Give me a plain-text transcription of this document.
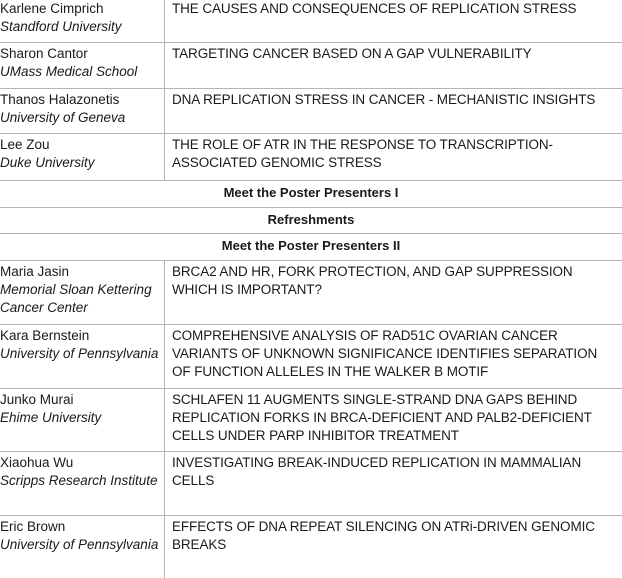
Karlene Cimprich
Standford University
THE CAUSES AND CONSEQUENCES OF REPLICATION STRESS
Sharon Cantor
UMass Medical School
TARGETING CANCER BASED ON A GAP VULNERABILITY
Thanos Halazonetis
University of Geneva
DNA REPLICATION STRESS IN CANCER - MECHANISTIC INSIGHTS
Lee Zou
Duke University
THE ROLE OF ATR IN THE RESPONSE TO TRANSCRIPTION-ASSOCIATED GENOMIC STRESS
Meet the Poster Presenters I
Refreshments
Meet the Poster Presenters II
Maria Jasin
Memorial Sloan Kettering Cancer Center
BRCA2 AND HR, FORK PROTECTION, AND GAP SUPPRESSION WHICH IS IMPORTANT?
Kara Bernstein
University of Pennsylvania
COMPREHENSIVE ANALYSIS OF RAD51C OVARIAN CANCER VARIANTS OF UNKNOWN SIGNIFICANCE IDENTIFIES SEPARATION OF FUNCTION ALLELES IN THE WALKER B MOTIF
Junko Murai
Ehime University
SCHLAFEN 11 AUGMENTS SINGLE-STRAND DNA GAPS BEHIND REPLICATION FORKS IN BRCA-DEFICIENT AND PALB2-DEFICIENT CELLS UNDER PARP INHIBITOR TREATMENT
Xiaohua Wu
Scripps Research Institute
INVESTIGATING BREAK-INDUCED REPLICATION IN MAMMALIAN CELLS
Eric Brown
University of Pennsylvania
EFFECTS OF DNA REPEAT SILENCING ON ATRi-DRIVEN GENOMIC BREAKS
